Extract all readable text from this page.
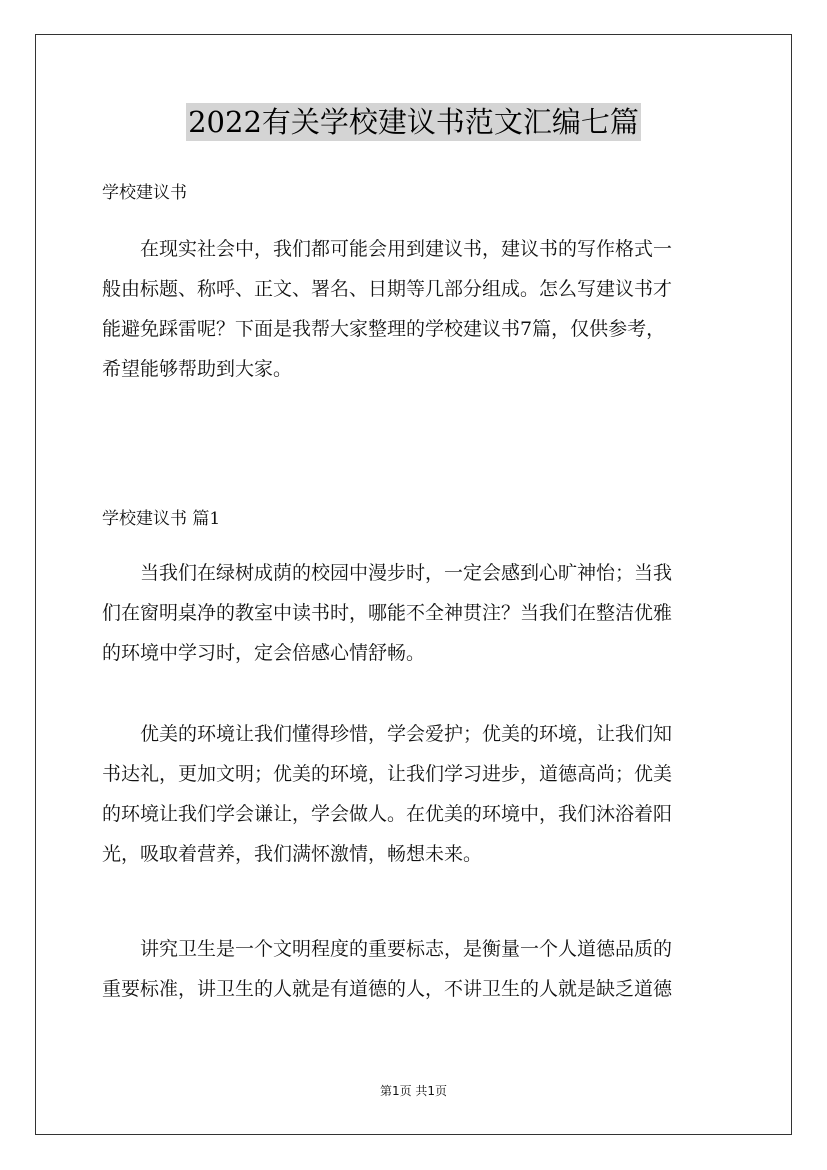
2022有关学校建议书范文汇编七篇
学校建议书
在现实社会中，我们都可能会用到建议书，建议书的写作格式一
般由标题、称呼、正文、署名、日期等几部分组成。怎么写建议书才
能避免踩雷呢？下面是我帮大家整理的学校建议书7篇，仅供参考，
希望能够帮助到大家。
学校建议书 篇1
当我们在绿树成荫的校园中漫步时，一定会感到心旷神怡；当我
们在窗明桌净的教室中读书时，哪能不全神贯注？当我们在整洁优雅
的环境中学习时，定会倍感心情舒畅。
优美的环境让我们懂得珍惜，学会爱护；优美的环境，让我们知
书达礼，更加文明；优美的环境，让我们学习进步，道德高尚；优美
的环境让我们学会谦让，学会做人。在优美的环境中，我们沐浴着阳
光，吸取着营养，我们满怀激情，畅想未来。
讲究卫生是一个文明程度的重要标志，是衡量一个人道德品质的
重要标准，讲卫生的人就是有道德的人，不讲卫生的人就是缺乏道德
第1页 共1页
